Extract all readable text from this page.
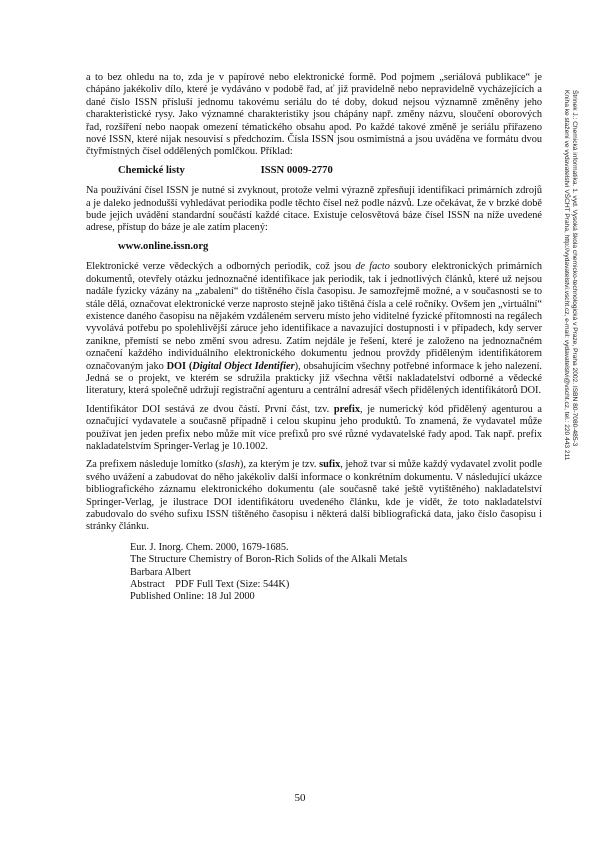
Štrinek J.: Chemická informatika. 1. vyd. Vysoká škola chemicko-technologická v Praze, Praha 2002. ISBN 80-7080-485-3
Kniha ke stažení ve vydavatelství VŠCHT Praha, http://vydavatelstvi.vscht.cz, e-mail: vydavatelstvi@vscht.cz, tel.: 220 443 211

a to bez ohledu na to, zda je v papírové nebo elektronické formě. Pod pojmem „seriálová publikace“ je chápáno jakékoliv dílo, které je vydáváno v podobě řad, ať již pravidelně nebo nepravidelně vycházejících a dané číslo ISSN přísluší jednomu takovému seriálu do té doby, dokud nejsou významně změněny jeho charakteristické rysy. Jako významné charakteristiky jsou chápány např. změny názvu, sloučení oborových řad, rozšíření nebo naopak omezení tématického obsahu apod. Po každé takové změně je seriálu přiřazeno nové ISSN, které nijak nesouvisí s předchozím. Čísla ISSN jsou osmimístná a jsou uváděna ve formátu dvou čtyřmístných čísel oddělených pomlčkou. Příklad:

Chemické listy	ISSN 0009-2770

Na používání čísel ISSN je nutné si zvyknout, protože velmi výrazně zpřesňují identifikaci primárních zdrojů a je daleko jednodušší vyhledávat periodika podle těchto čísel než podle názvů. Lze očekávat, že v brzké době bude jejich uvádění standardní součástí každé citace. Existuje celosvětová báze čísel ISSN na níže uvedené adrese, přístup do báze je ale zatím placený:

www.online.issn.org

Elektronické verze vědeckých a odborných periodik, což jsou de facto soubory elektronických primárních dokumentů, otevřely otázku jednoznačné identifikace jak periodik, tak i jednotlivých článků, které už nejsou nadále fyzicky vázány na „zabalení“ do tištěného čísla časopisu. Je samozřejmě možné, a v současnosti se to stále dělá, označovat elektronické verze naprosto stejně jako tištěná čísla a celé ročníky. Ovšem jen „virtuální“ existence daného časopisu na nějakém vzdáleném serveru místo jeho viditelné fyzické přítomnosti na regálech vyvolává potřebu po spolehlivější záruce jeho identifikace a navazující dostupnosti i v případech, kdy server zanikne, přemístí se nebo změní svou adresu. Zatím nejdále je řešení, které je založeno na jednoznačném označení každého individuálního elektronického dokumentu jednou provždy přiděleným identifikátorem označovaným jako DOI (Digital Object Identifier), obsahujícím všechny potřebné informace k jeho nalezení. Jedná se o projekt, ve kterém se sdružila prakticky již všechna větší nakladatelství odborné a vědecké literatury, která společně udržují registrační agenturu a centrální adresář všech přidělených identifikátorů DOI.

Identifikátor DOI sestává ze dvou částí. První část, tzv. prefix, je numerický kód přidělený agenturou a označující vydavatele a současně případně i celou skupinu jeho produktů. To znamená, že vydavatel může používat jen jeden prefix nebo může mít více prefixů pro své různé vydavatelské řady apod. Tak např. prefix nakladatelstvím Springer-Verlag je 10.1002.

Za prefixem následuje lomítko (slash), za kterým je tzv. sufix, jehož tvar si může každý vydavatel zvolit podle svého uvážení a zabudovat do něho jakékoliv další informace o konkrétním dokumentu. V následující ukázce bibliografického záznamu elektronického dokumentu (ale současně také ještě vytištěného) nakladatelství Springer-Verlag, je ilustrace DOI identifikátoru uvedeného článku, kde je vidět, že toto nakladatelství zabudovalo do svého sufixu ISSN tištěného časopisu i některá další bibliografická data, jako číslo časopisu i stránky článku.

Eur. J. Inorg. Chem. 2000, 1679-1685.
The Structure Chemistry of Boron-Rich Solids of the Alkali Metals
Barbara Albert
Abstract    PDF Full Text (Size: 544K)
Published Online: 18 Jul 2000
50
